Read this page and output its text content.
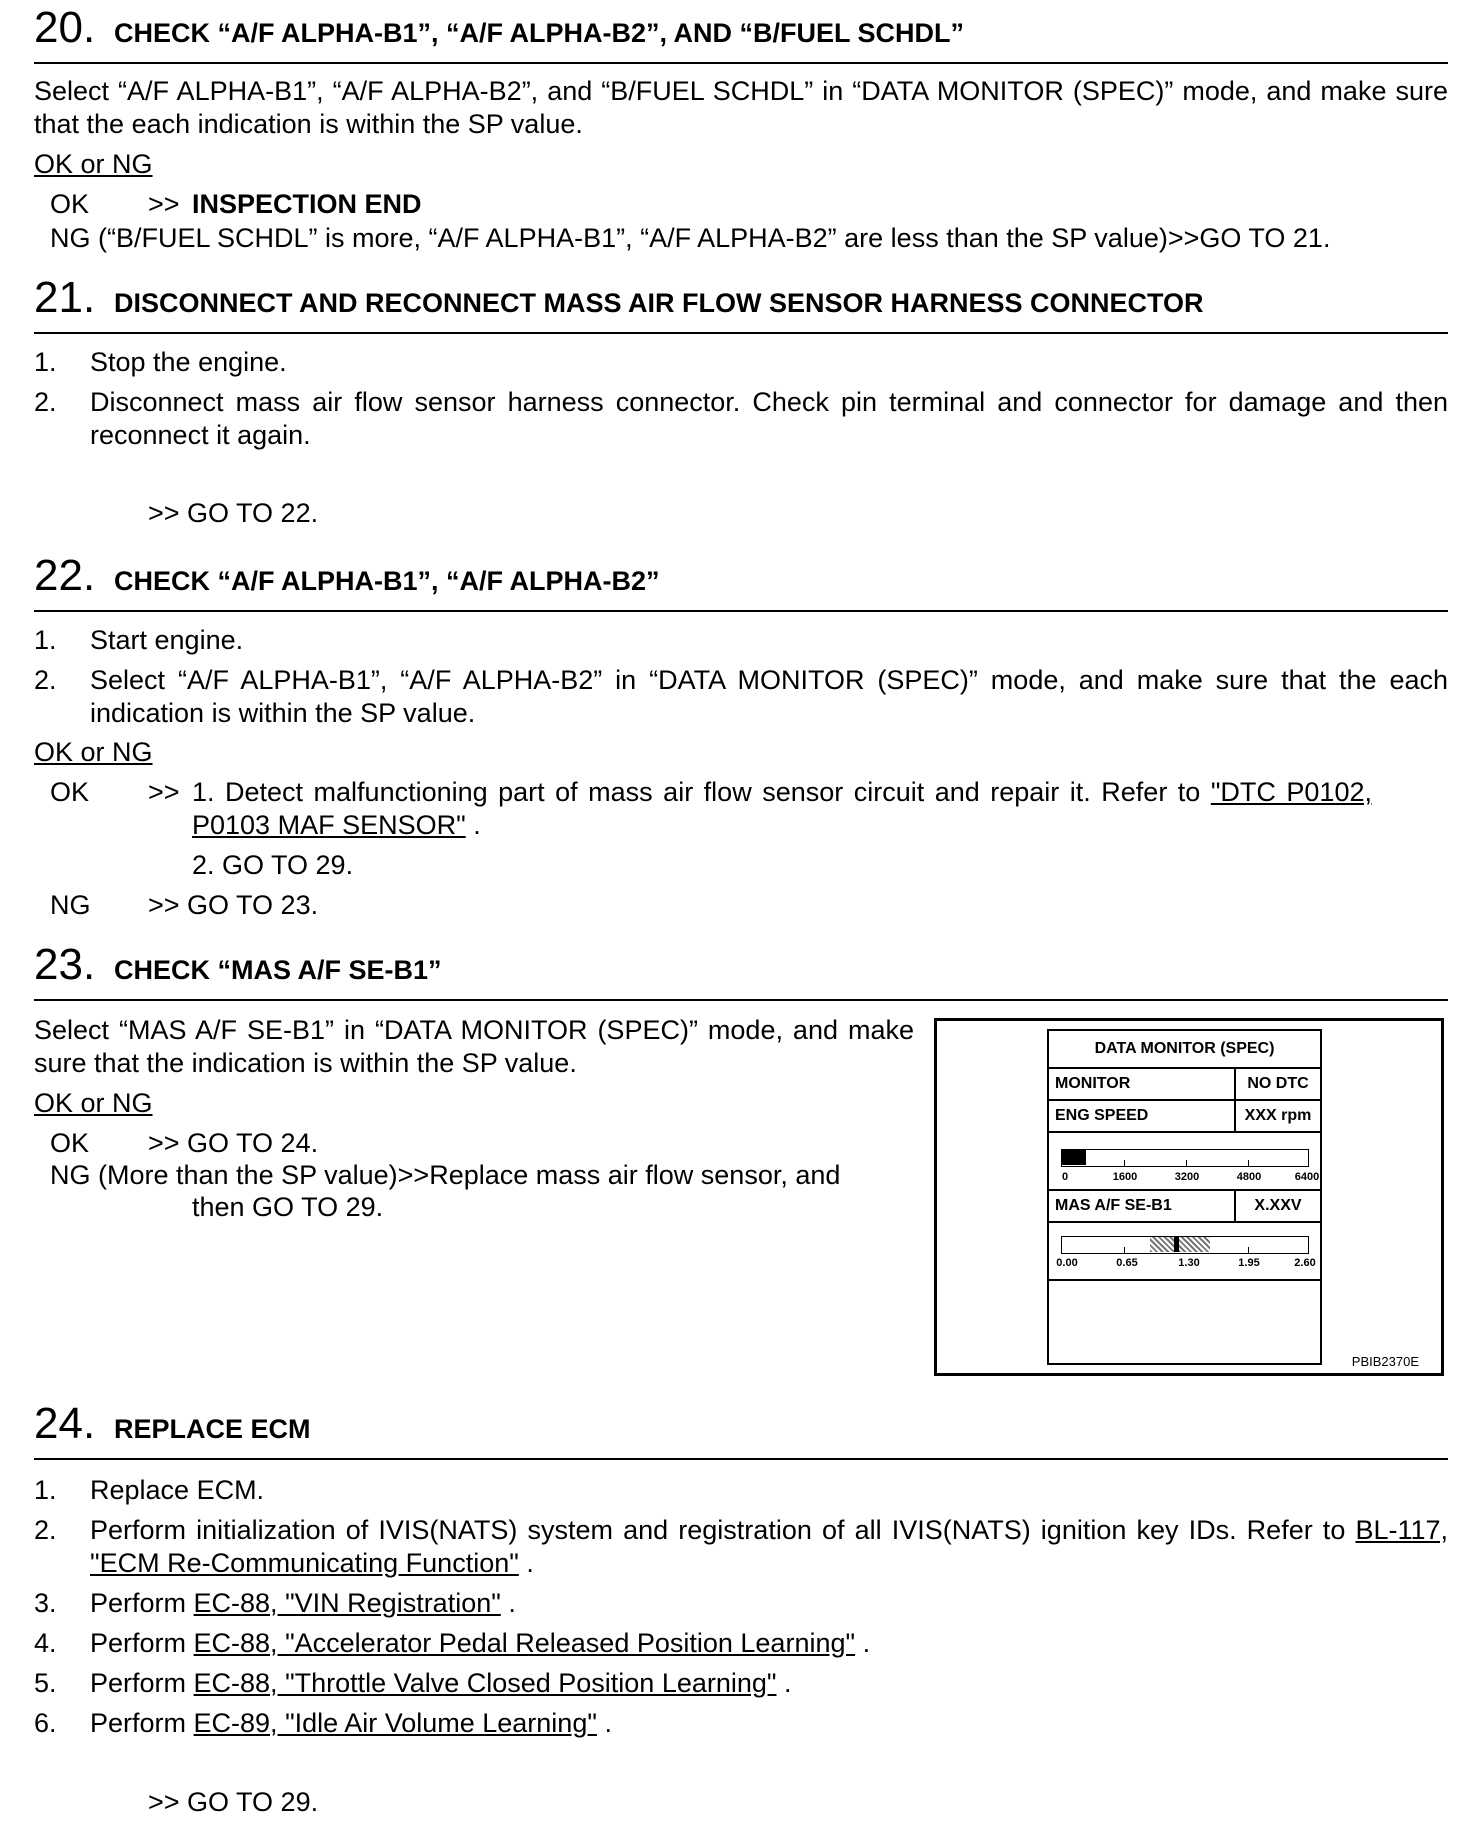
20. CHECK “A/F ALPHA-B1”, “A/F ALPHA-B2”, AND “B/FUEL SCHDL”
Select “A/F ALPHA-B1”, “A/F ALPHA-B2”, and “B/FUEL SCHDL” in “DATA MONITOR (SPEC)” mode, and make sure that the each indication is within the SP value.
OK or NG
OK >> INSPECTION END
NG (“B/FUEL SCHDL” is more, “A/F ALPHA-B1”, “A/F ALPHA-B2” are less than the SP value)>>GO TO 21.
21. DISCONNECT AND RECONNECT MASS AIR FLOW SENSOR HARNESS CONNECTOR
1. Stop the engine.
2. Disconnect mass air flow sensor harness connector. Check pin terminal and connector for damage and then reconnect it again.
>> GO TO 22.
22. CHECK “A/F ALPHA-B1”, “A/F ALPHA-B2”
1. Start engine.
2. Select “A/F ALPHA-B1”, “A/F ALPHA-B2” in “DATA MONITOR (SPEC)” mode, and make sure that the each indication is within the SP value.
OK or NG
OK >> 1. Detect malfunctioning part of mass air flow sensor circuit and repair it. Refer to "DTC P0102, P0103 MAF SENSOR" .
2. GO TO 29.
NG >> GO TO 23.
23. CHECK “MAS A/F SE-B1”
Select “MAS A/F SE-B1” in “DATA MONITOR (SPEC)” mode, and make sure that the indication is within the SP value.
OK or NG
OK >> GO TO 24.
NG (More than the SP value)>>Replace mass air flow sensor, and
then GO TO 29.
DATA MONITOR (SPEC)
MONITOR	NO DTC
ENG SPEED	XXX rpm
0	1600	3200	4800	6400
MAS A/F SE-B1	X.XXV
0.00	0.65	1.30	1.95	2.60
PBIB2370E
24. REPLACE ECM
1. Replace ECM.
2. Perform initialization of IVIS(NATS) system and registration of all IVIS(NATS) ignition key IDs. Refer to BL-117, "ECM Re-Communicating Function" .
3. Perform EC-88, "VIN Registration" .
4. Perform EC-88, "Accelerator Pedal Released Position Learning" .
5. Perform EC-88, "Throttle Valve Closed Position Learning" .
6. Perform EC-89, "Idle Air Volume Learning" .
>> GO TO 29.
